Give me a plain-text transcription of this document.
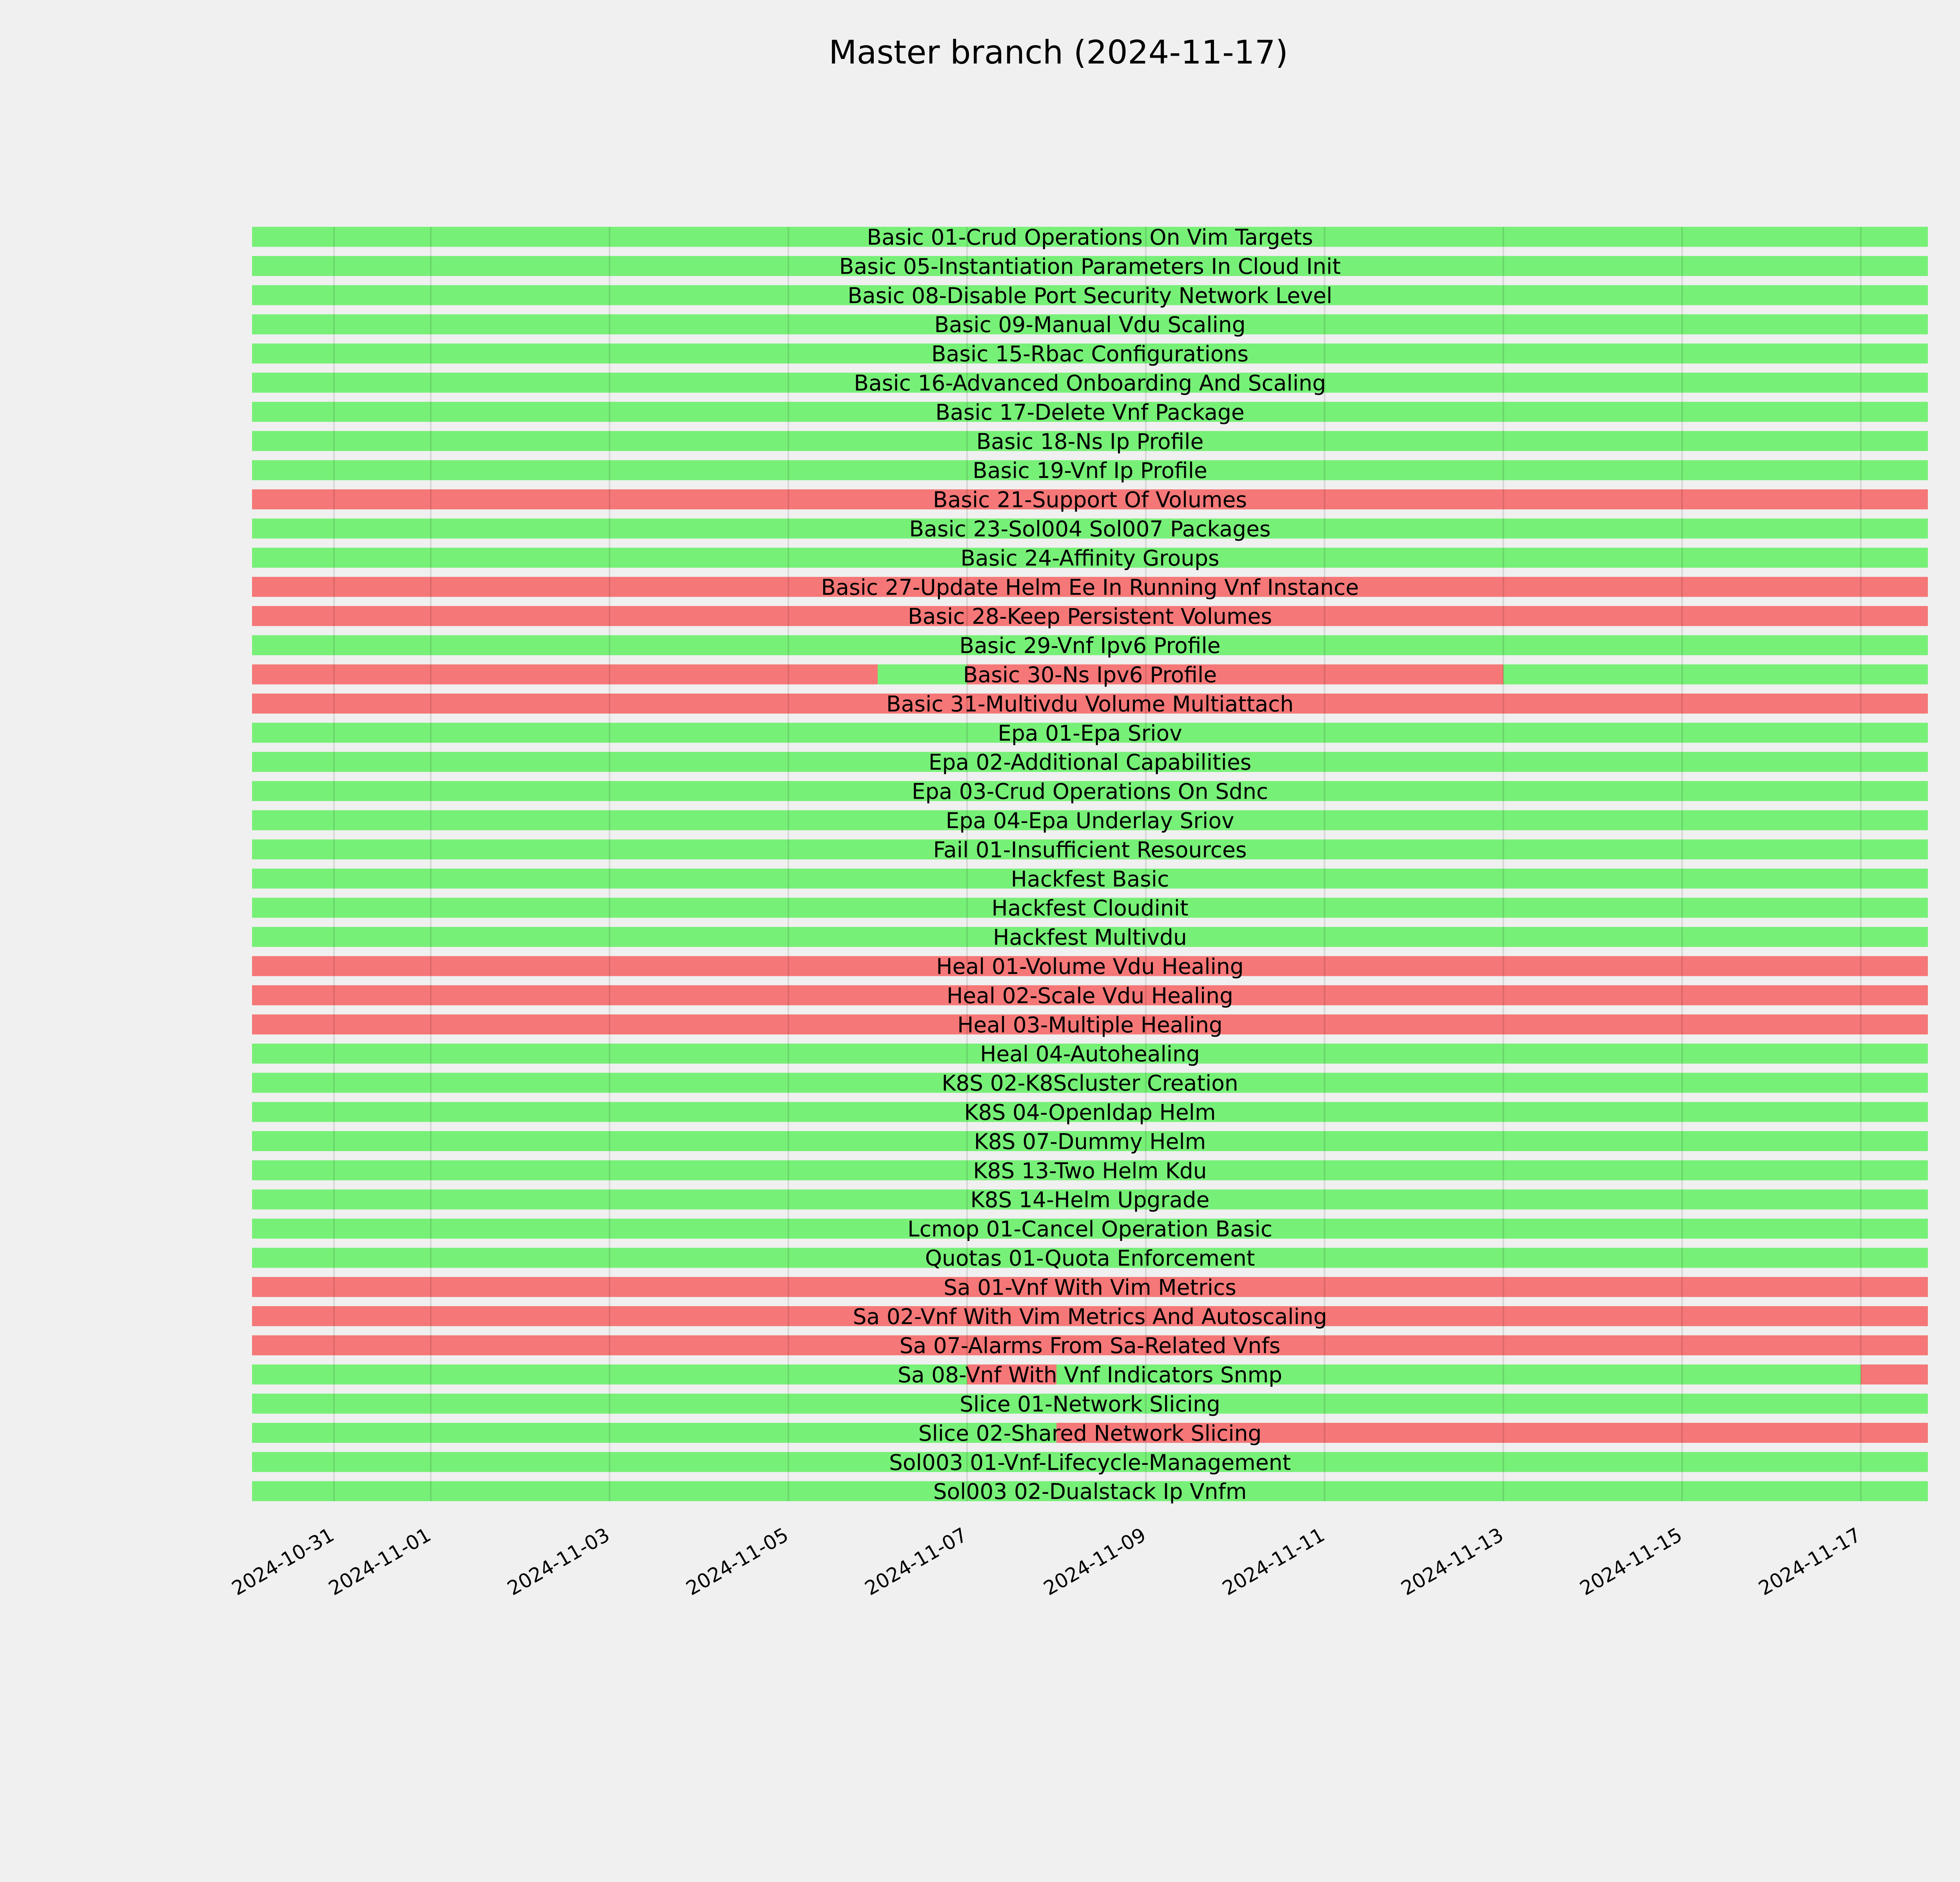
Master branch (2024-11-17)
Basic 01-Crud Operations On Vim Targets
Basic 05-Instantiation Parameters In Cloud Init
Basic 08-Disable Port Security Network Level
Basic 09-Manual Vdu Scaling
Basic 15-Rbac Configurations
Basic 16-Advanced Onboarding And Scaling
Basic 17-Delete Vnf Package
Basic 18-Ns Ip Profile
Basic 19-Vnf Ip Profile
Basic 21-Support Of Volumes
Basic 23-Sol004 Sol007 Packages
Basic 24-Affinity Groups
Basic 27-Update Helm Ee In Running Vnf Instance
Basic 28-Keep Persistent Volumes
Basic 29-Vnf Ipv6 Profile
Basic 30-Ns Ipv6 Profile
Basic 31-Multivdu Volume Multiattach
Epa 01-Epa Sriov
Epa 02-Additional Capabilities
Epa 03-Crud Operations On Sdnc
Epa 04-Epa Underlay Sriov
Fail 01-Insufficient Resources
Hackfest Basic
Hackfest Cloudinit
Hackfest Multivdu
Heal 01-Volume Vdu Healing
Heal 02-Scale Vdu Healing
Heal 03-Multiple Healing
Heal 04-Autohealing
K8S 02-K8Scluster Creation
K8S 04-Openldap Helm
K8S 07-Dummy Helm
K8S 13-Two Helm Kdu
K8S 14-Helm Upgrade
Lcmop 01-Cancel Operation Basic
Quotas 01-Quota Enforcement
Sa 01-Vnf With Vim Metrics
Sa 02-Vnf With Vim Metrics And Autoscaling
Sa 07-Alarms From Sa-Related Vnfs
Sa 08-Vnf With Vnf Indicators Snmp
Slice 01-Network Slicing
Slice 02-Shared Network Slicing
Sol003 01-Vnf-Lifecycle-Management
Sol003 02-Dualstack Ip Vnfm
2024-10-31
2024-11-01	2024-11-03	2024-11-05	2024-11-07	2024-11-09	2024-11-11	2024-11-13	2024-11-15	2024-11-17
